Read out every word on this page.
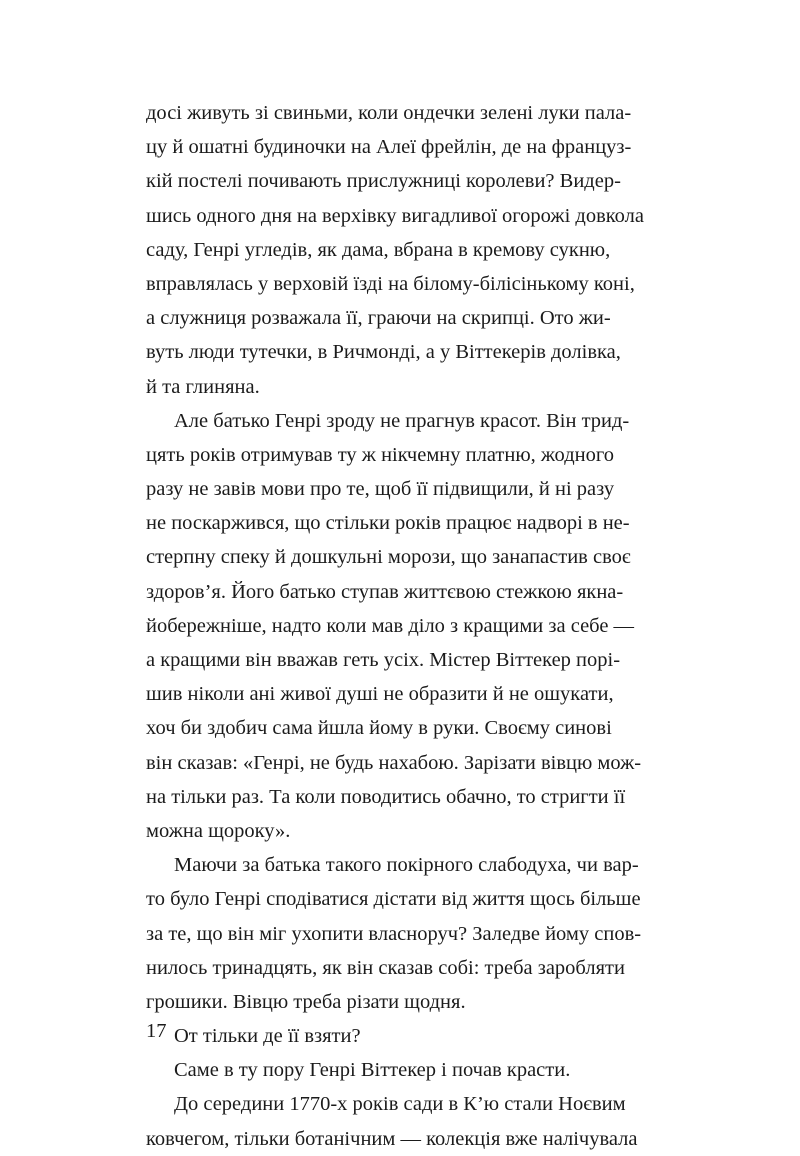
досі живуть зі свиньми, коли ондечки зелені луки пала-
цу й ошатні будиночки на Алеї фрейлін, де на француз-
кій постелі почивають прислужниці королеви? Видер-
шись одного дня на верхівку вигадливої огорожі довкола
саду, Генрі угледів, як дама, вбрана в кремову сукню,
вправлялась у верховій їзді на білому-білісінькому коні,
а служниця розважала її, граючи на скрипці. Ото жи-
вуть люди тутечки, в Ричмонді, а у Віттекерів долівка,
й та глиняна.
Але батько Генрі зроду не прагнув красот. Він трид-
цять років отримував ту ж нікчемну платню, жодного
разу не завів мови про те, щоб її підвищили, й ні разу
не поскаржився, що стільки років працює надворі в не-
стерпну спеку й дошкульні морози, що занапастив своє
здоров’я. Його батько ступав життєвою стежкою якна-
йобережніше, надто коли мав діло з кращими за себе —
а кращими він вважав геть усіх. Містер Віттекер порі-
шив ніколи ані живої душі не образити й не ошукати,
хоч би здобич сама йшла йому в руки. Своєму синові
він сказав: «Генрі, не будь нахабою. Зарізати вівцю мож-
на тільки раз. Та коли поводитись обачно, то стригти її
можна щороку».
Маючи за батька такого покірного слабодуха, чи вар-
то було Генрі сподіватися дістати від життя щось більше
за те, що він міг ухопити власноруч? Заледве йому спов-
нилось тринадцять, як він сказав собі: треба заробляти
грошики. Вівцю треба різати щодня.
От тільки де її взяти?
Саме в ту пору Генрі Віттекер і почав красти.
До середини 1770-х років сади в К’ю стали Ноєвим
ковчегом, тільки ботанічним — колекція вже налічувала
17
